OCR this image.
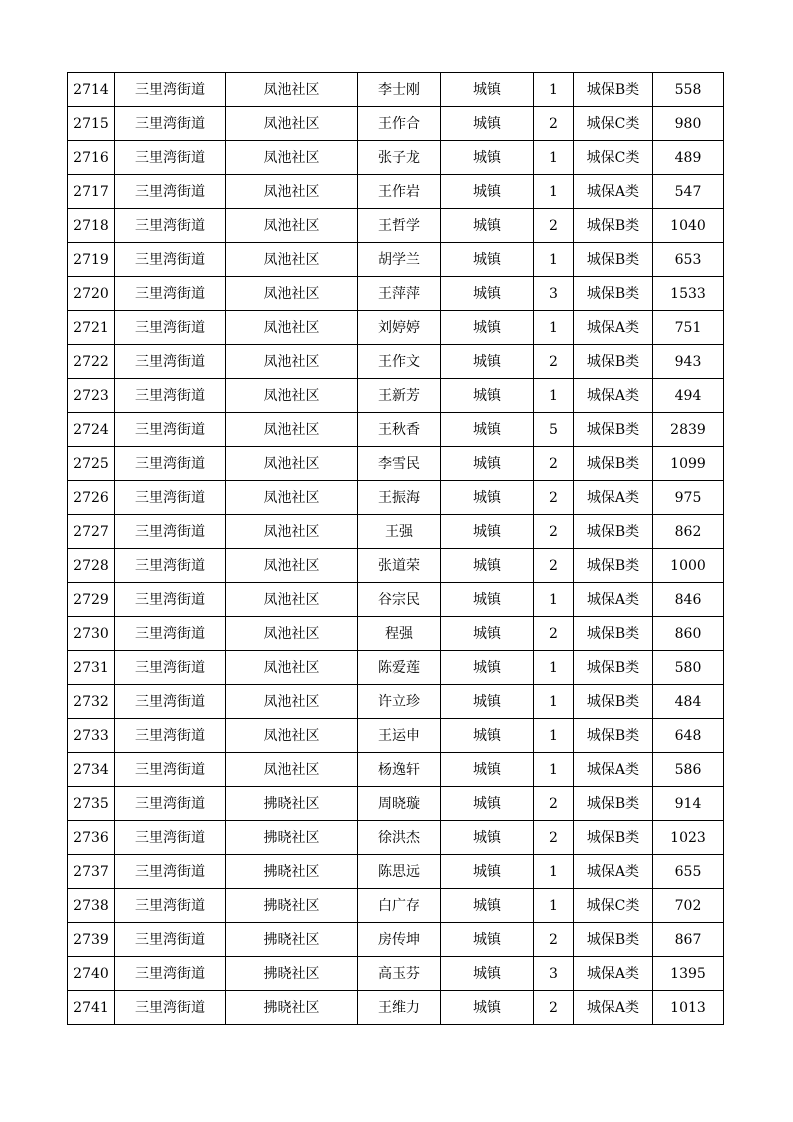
2714	三里湾街道	凤池社区	李士刚	城镇	1	城保B类	558
2715	三里湾街道	凤池社区	王作合	城镇	2	城保C类	980
2716	三里湾街道	凤池社区	张子龙	城镇	1	城保C类	489
2717	三里湾街道	凤池社区	王作岩	城镇	1	城保A类	547
2718	三里湾街道	凤池社区	王哲学	城镇	2	城保B类	1040
2719	三里湾街道	凤池社区	胡学兰	城镇	1	城保B类	653
2720	三里湾街道	凤池社区	王萍萍	城镇	3	城保B类	1533
2721	三里湾街道	凤池社区	刘婷婷	城镇	1	城保A类	751
2722	三里湾街道	凤池社区	王作文	城镇	2	城保B类	943
2723	三里湾街道	凤池社区	王新芳	城镇	1	城保A类	494
2724	三里湾街道	凤池社区	王秋香	城镇	5	城保B类	2839
2725	三里湾街道	凤池社区	李雪民	城镇	2	城保B类	1099
2726	三里湾街道	凤池社区	王振海	城镇	2	城保A类	975
2727	三里湾街道	凤池社区	王强	城镇	2	城保B类	862
2728	三里湾街道	凤池社区	张道荣	城镇	2	城保B类	1000
2729	三里湾街道	凤池社区	谷宗民	城镇	1	城保A类	846
2730	三里湾街道	凤池社区	程强	城镇	2	城保B类	860
2731	三里湾街道	凤池社区	陈爱莲	城镇	1	城保B类	580
2732	三里湾街道	凤池社区	许立珍	城镇	1	城保B类	484
2733	三里湾街道	凤池社区	王运申	城镇	1	城保B类	648
2734	三里湾街道	凤池社区	杨逸轩	城镇	1	城保A类	586
2735	三里湾街道	拂晓社区	周晓璇	城镇	2	城保B类	914
2736	三里湾街道	拂晓社区	徐洪杰	城镇	2	城保B类	1023
2737	三里湾街道	拂晓社区	陈思远	城镇	1	城保A类	655
2738	三里湾街道	拂晓社区	白广存	城镇	1	城保C类	702
2739	三里湾街道	拂晓社区	房传坤	城镇	2	城保B类	867
2740	三里湾街道	拂晓社区	高玉芬	城镇	3	城保A类	1395
2741	三里湾街道	拂晓社区	王维力	城镇	2	城保A类	1013
